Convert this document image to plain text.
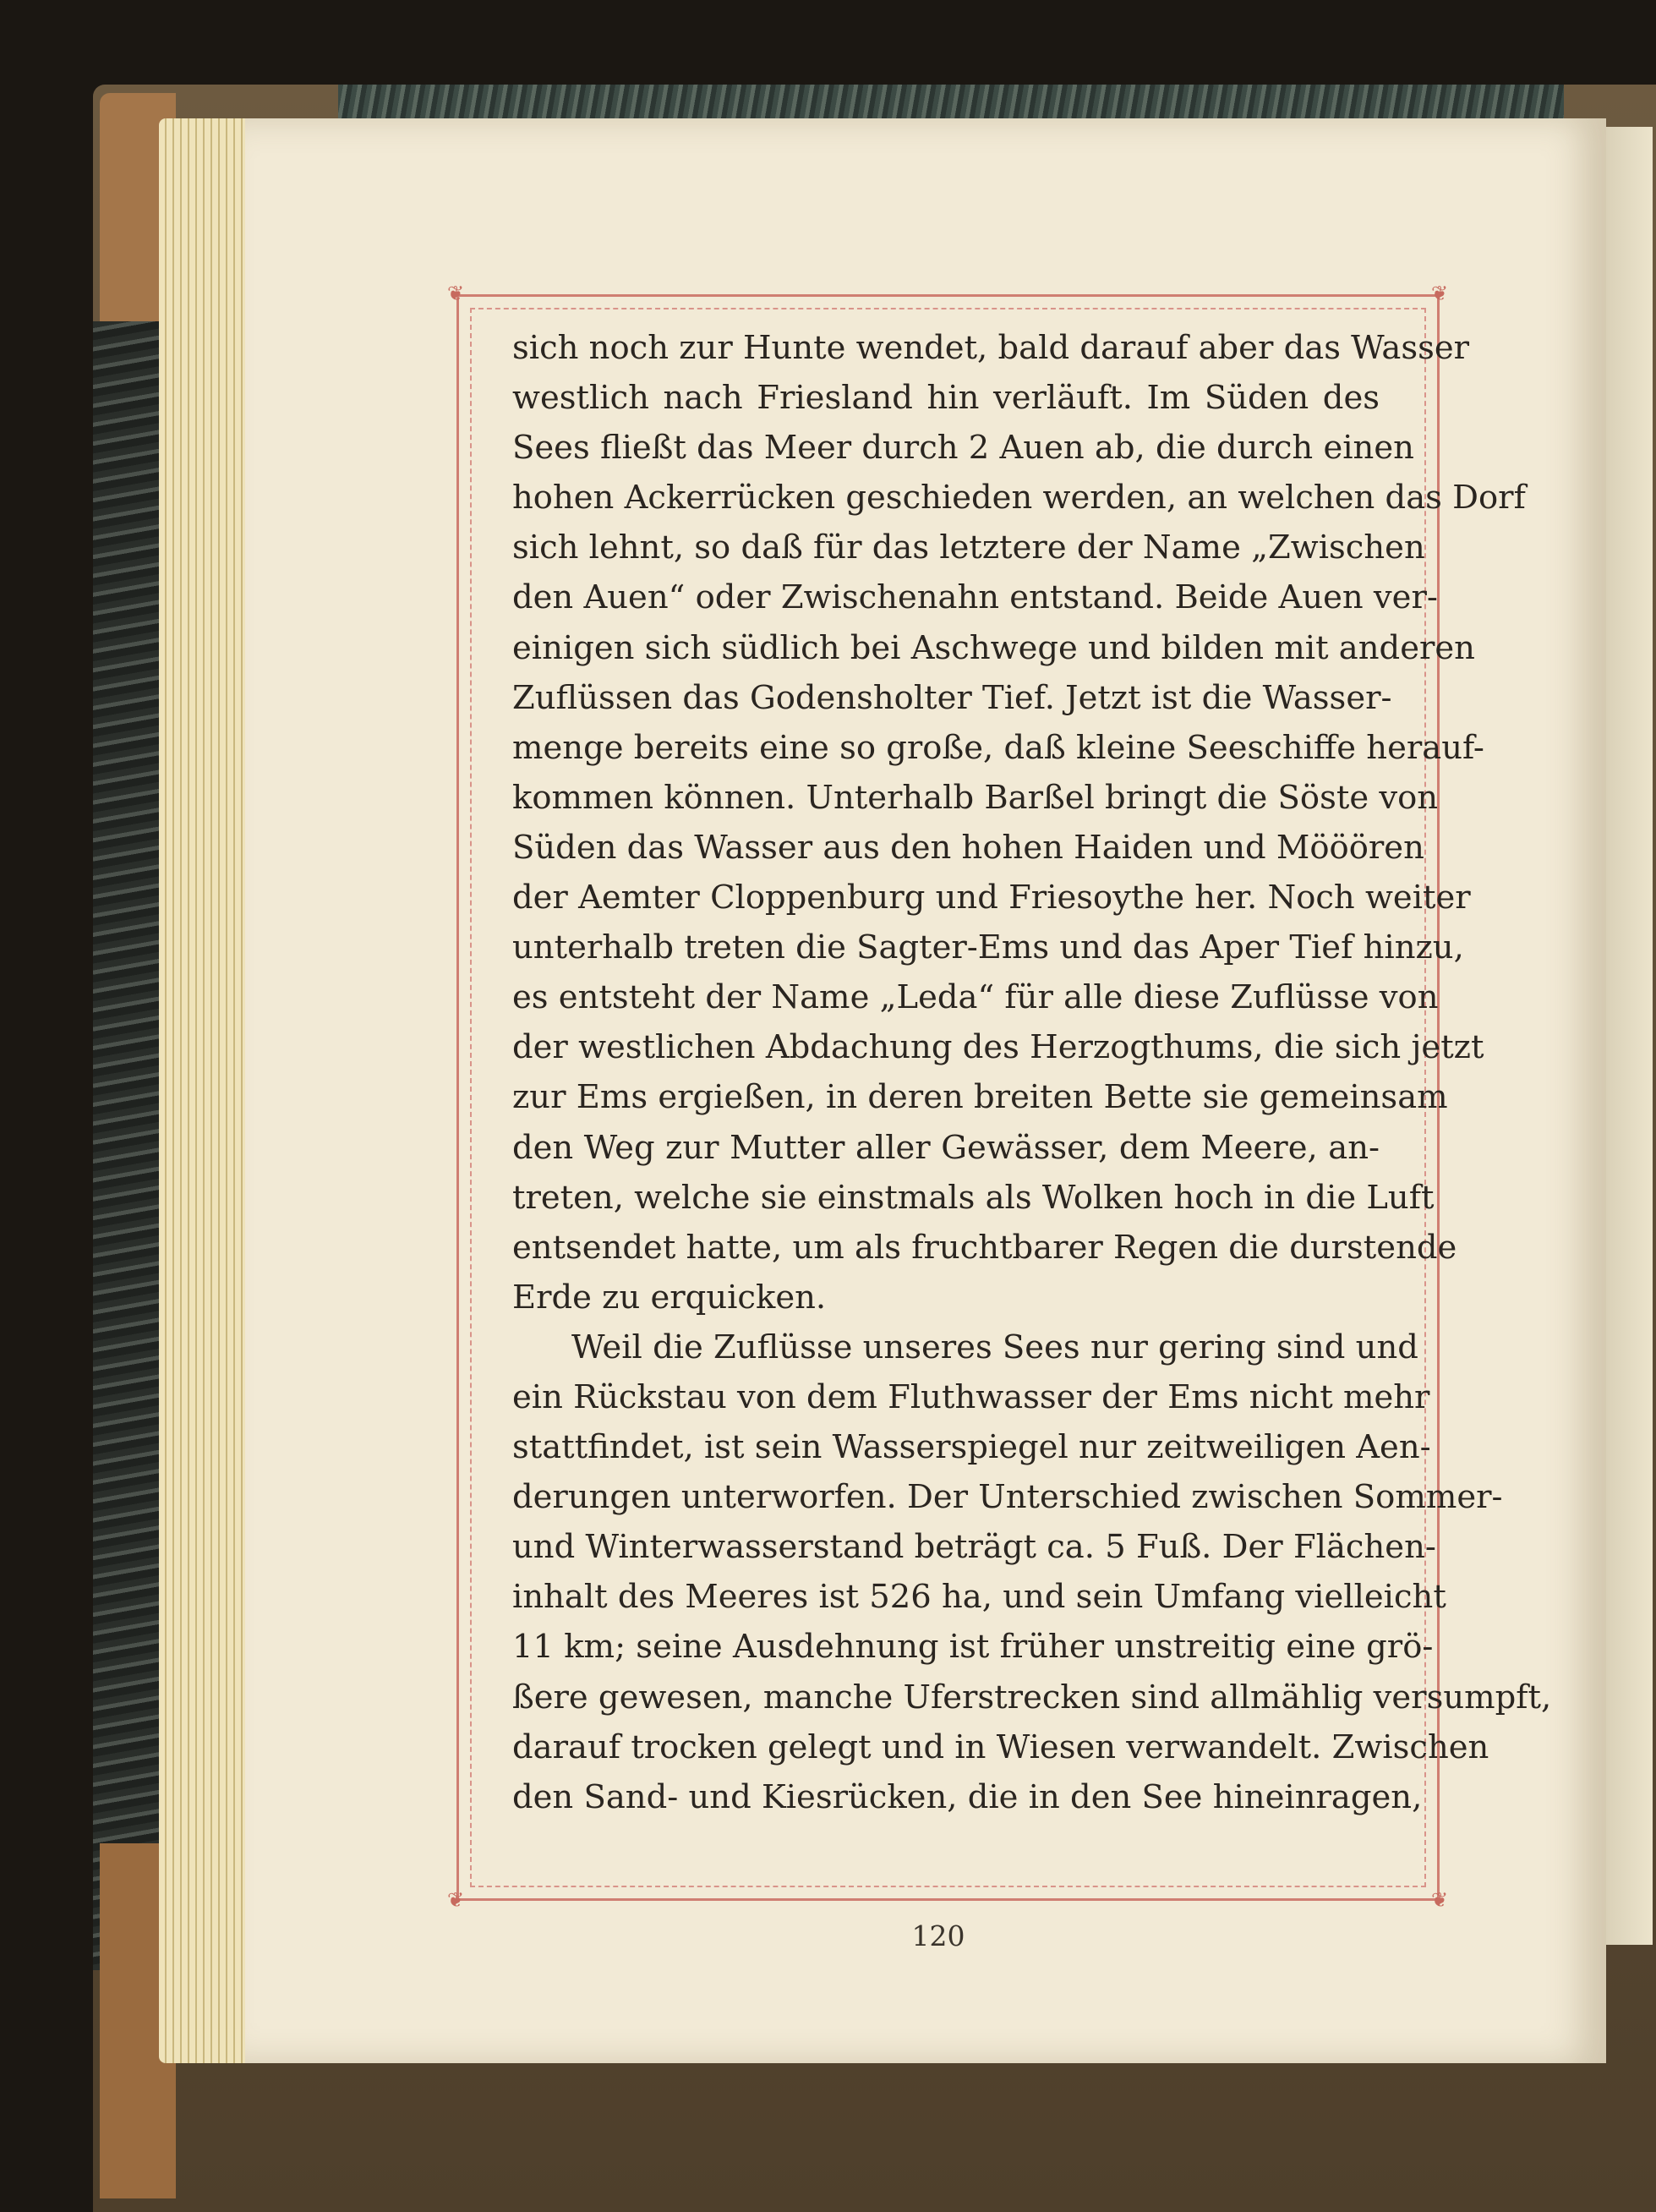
❦	❦
❦	❦
sich noch zur Hunte wendet, bald darauf aber das Wasser
westlich nach Friesland hin verläuft. Im Süden des
Sees fließt das Meer durch 2 Auen ab, die durch einen
hohen Ackerrücken geschieden werden, an welchen das Dorf
sich lehnt, so daß für das letztere der Name „Zwischen
den Auen“ oder Zwischenahn entstand. Beide Auen ver-
einigen sich südlich bei Aschwege und bilden mit anderen
Zuflüssen das Godensholter Tief. Jetzt ist die Wasser-
menge bereits eine so große, daß kleine Seeschiffe herauf-
kommen können. Unterhalb Barßel bringt die Söste von
Süden das Wasser aus den hohen Haiden und Mööören
der Aemter Cloppenburg und Friesoythe her. Noch weiter
unterhalb treten die Sagter-Ems und das Aper Tief hinzu,
es entsteht der Name „Leda“ für alle diese Zuflüsse von
der westlichen Abdachung des Herzogthums, die sich jetzt
zur Ems ergießen, in deren breiten Bette sie gemeinsam
den Weg zur Mutter aller Gewässer, dem Meere, an-
treten, welche sie einstmals als Wolken hoch in die Luft
entsendet hatte, um als fruchtbarer Regen die durstende
Erde zu erquicken.
Weil die Zuflüsse unseres Sees nur gering sind und
ein Rückstau von dem Fluthwasser der Ems nicht mehr
stattfindet, ist sein Wasserspiegel nur zeitweiligen Aen-
derungen unterworfen. Der Unterschied zwischen Sommer-
und Winterwasserstand beträgt ca. 5 Fuß. Der Flächen-
inhalt des Meeres ist 526 ha, und sein Umfang vielleicht
11 km; seine Ausdehnung ist früher unstreitig eine grö-
ßere gewesen, manche Uferstrecken sind allmählig versumpft,
darauf trocken gelegt und in Wiesen verwandelt. Zwischen
den Sand- und Kiesrücken, die in den See hineinragen,
120
